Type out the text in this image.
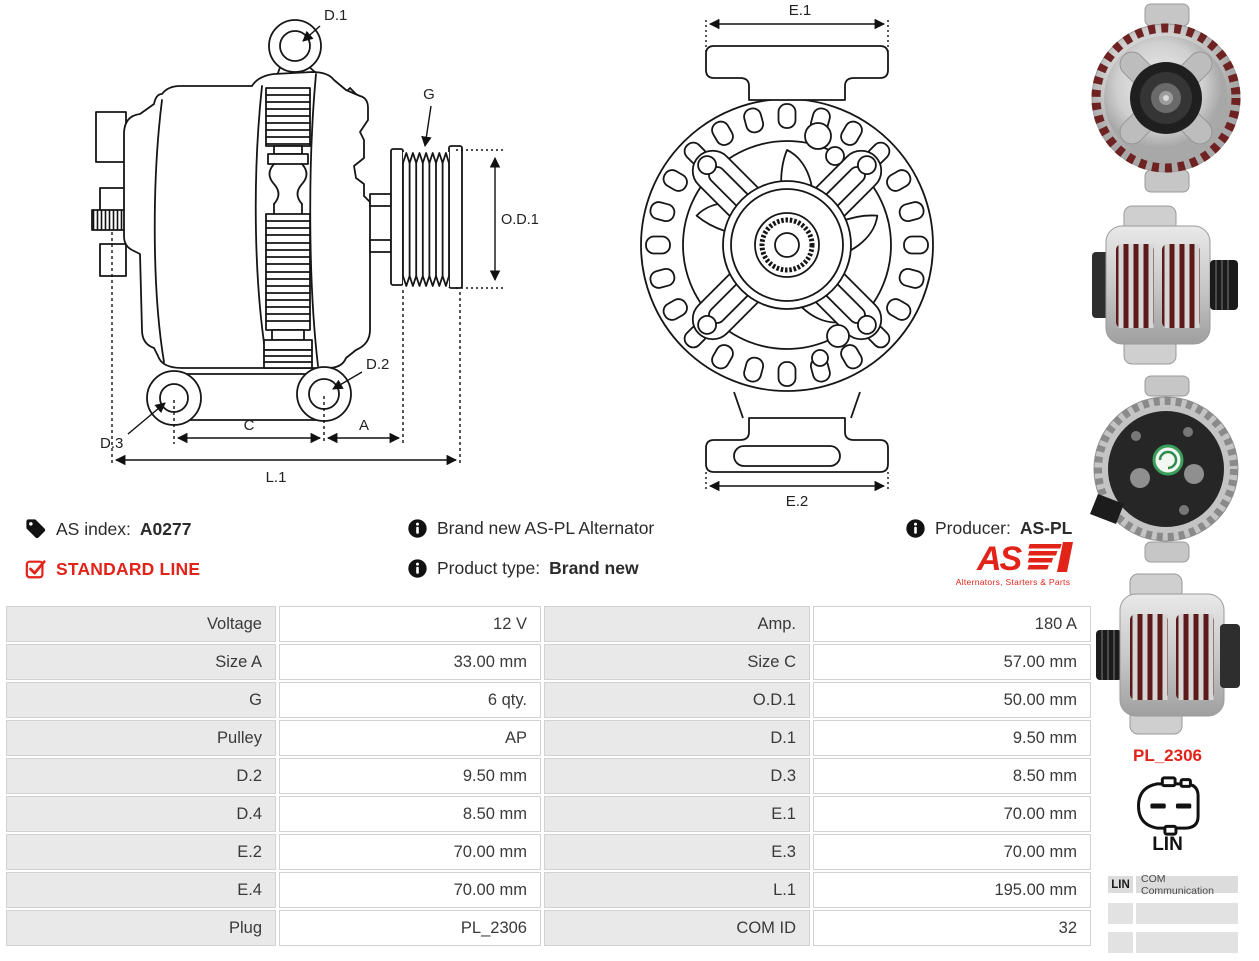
D.1
G
O.D.1
D.2
D.3
C	A
L.1
E.1
E.2
AS index: A0277
STANDARD LINE
Brand new AS-PL Alternator
Product type: Brand new
Producer: AS-PL
AS
Alternators, Starters & Parts
Voltage	12 V	Amp.	180 A
Size A	33.00 mm	Size C	57.00 mm
G	6 qty.	O.D.1	50.00 mm
Pulley	AP	D.1	9.50 mm
D.2	9.50 mm	D.3	8.50 mm
D.4	8.50 mm	E.1	70.00 mm
E.2	70.00 mm	E.3	70.00 mm
E.4	70.00 mm	L.1	195.00 mm
Plug	PL_2306	COM ID	32
PL_2306
LIN
LIN	COM Communication
